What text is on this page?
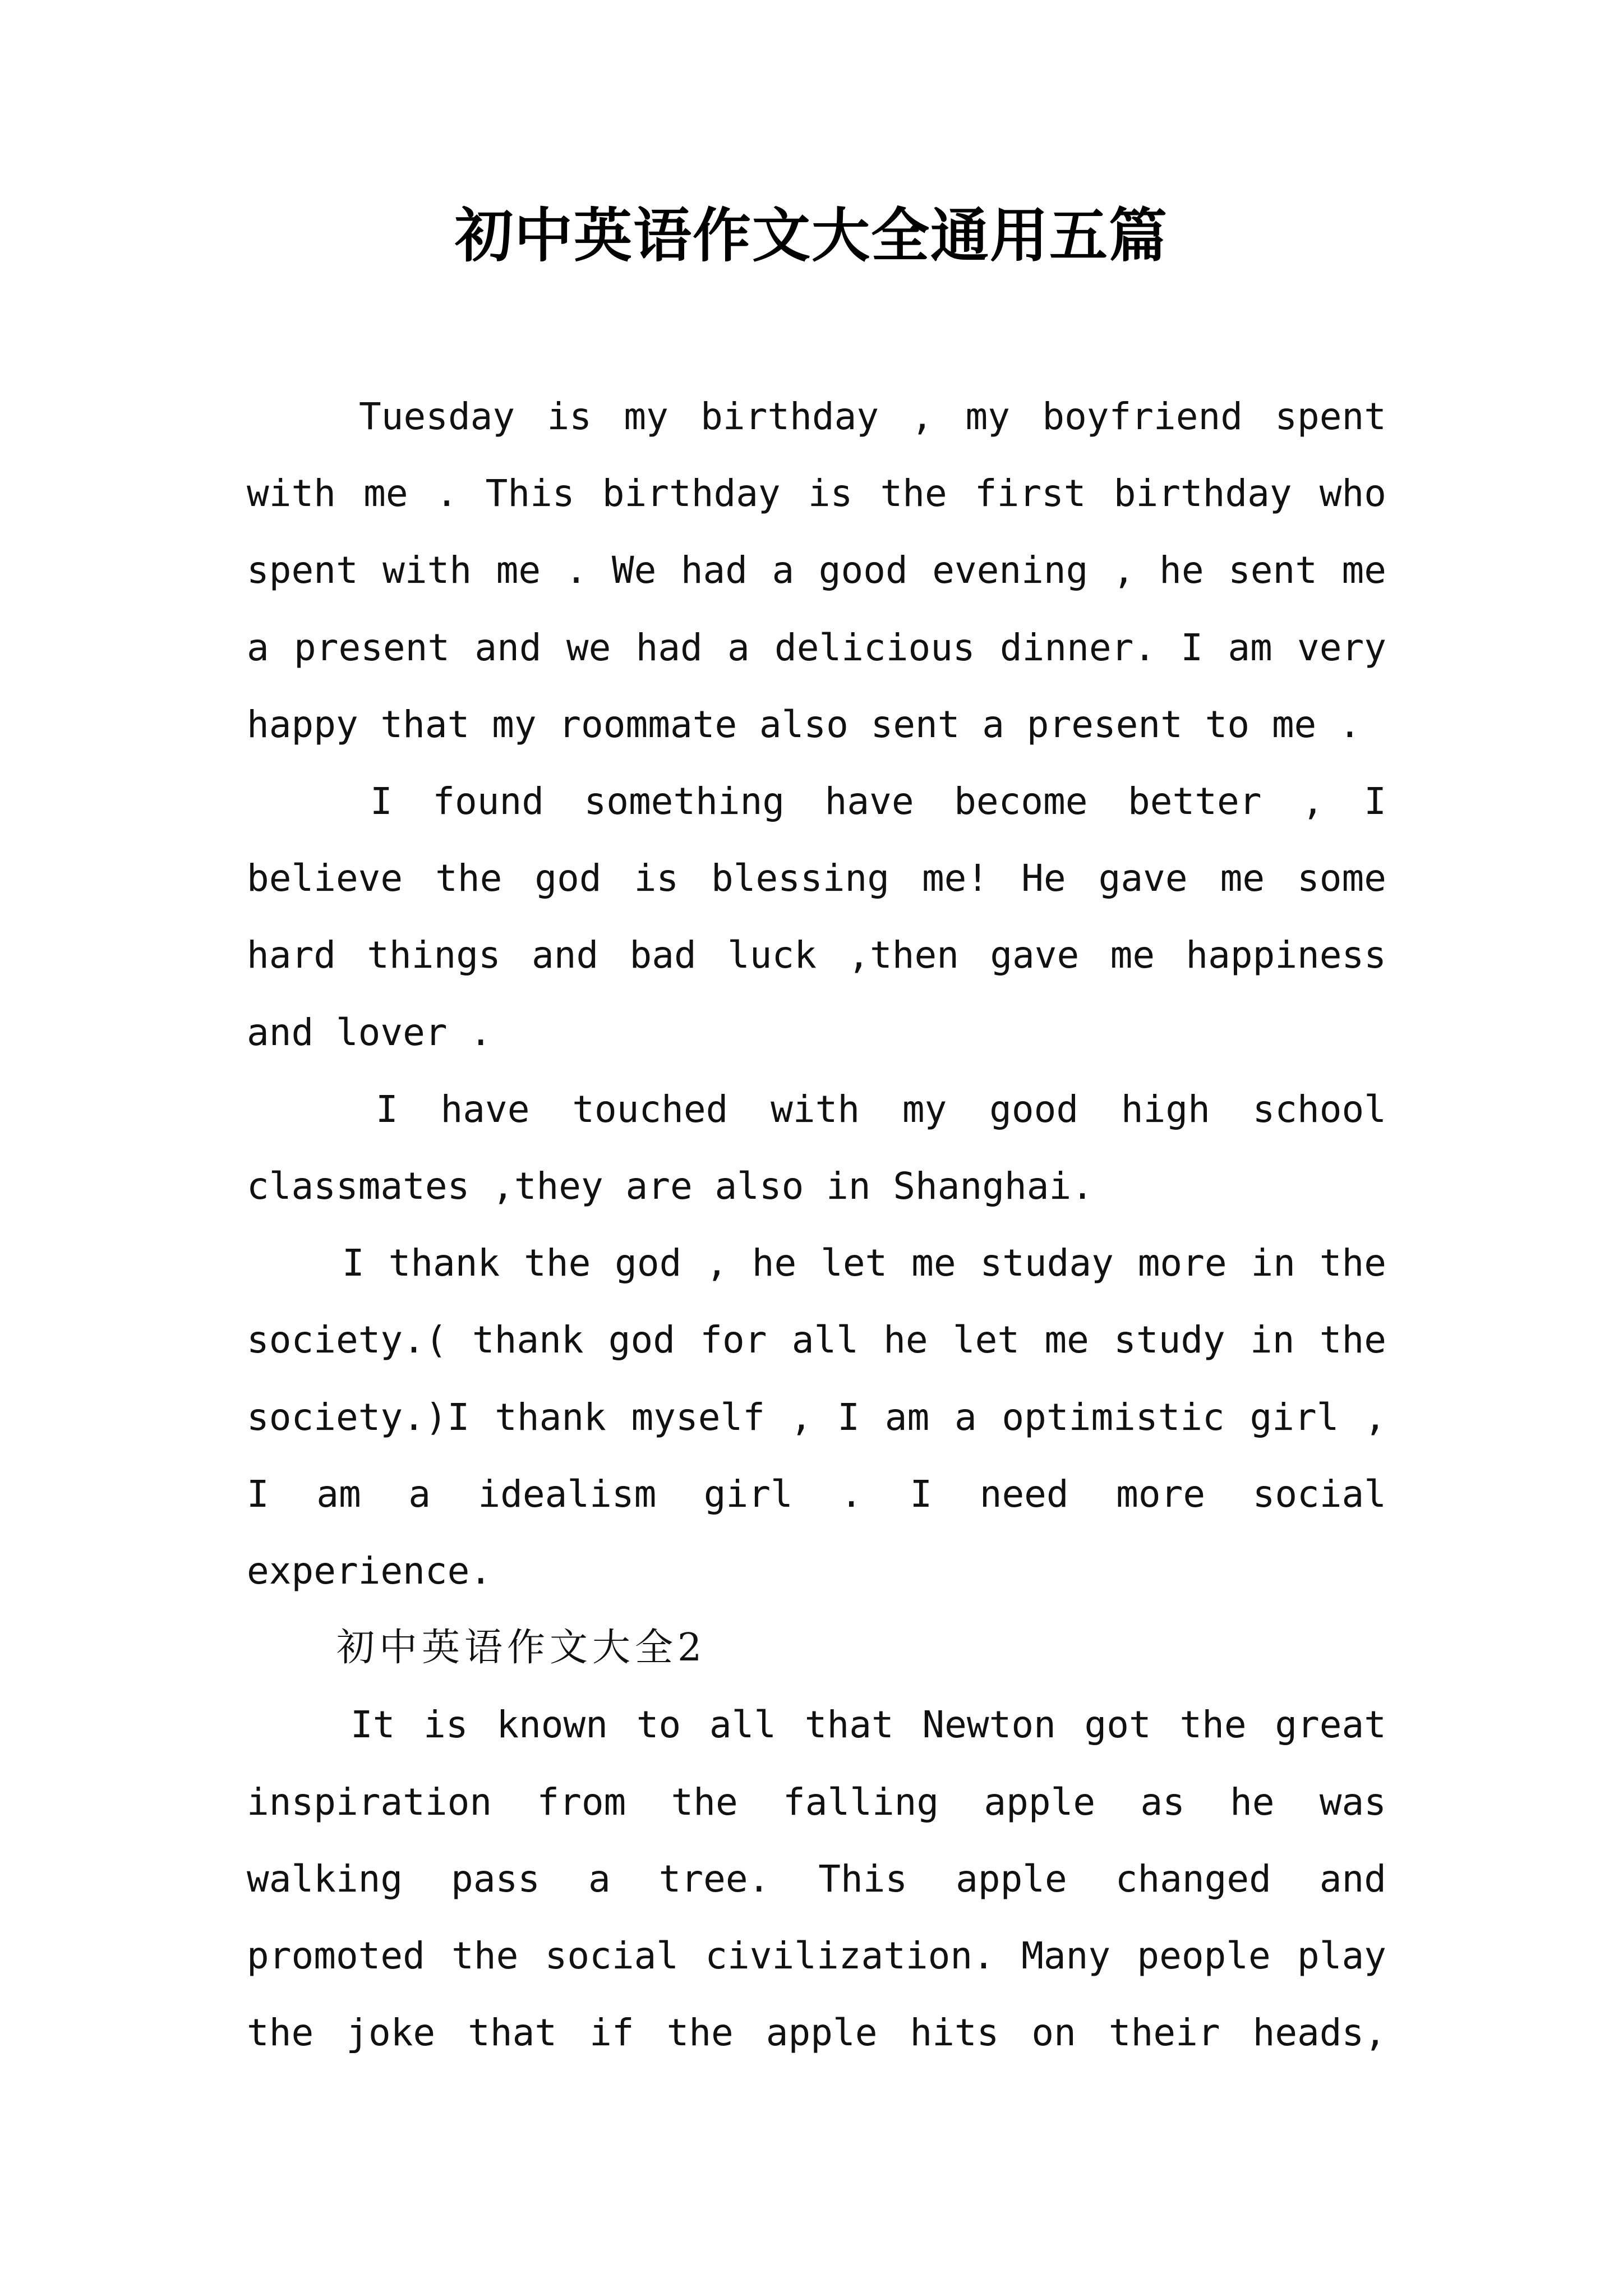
初中英语作文大全通用五篇
Tuesday is my birthday , my boyfriend spent
with me . This birthday is the first birthday who
spent with me . We had a good evening , he sent me
a present and we had a delicious dinner. I am very
happy that my roommate also sent a present to me .
I found something have become better , I
believe the god is blessing me! He gave me some
hard things and bad luck ,then gave me happiness
and lover .
I have touched with my good high school
classmates ,they are also in Shanghai.
I thank the god , he let me studay more in the
society.( thank god for all he let me study in the
society.)I thank myself , I am a optimistic girl ,
I am a idealism girl . I need more social
experience.
初中英语作文大全2
It is known to all that Newton got the great
inspiration from the falling apple as he was
walking pass a tree. This apple changed and
promoted the social civilization. Many people play
the joke that if the apple hits on their heads,
